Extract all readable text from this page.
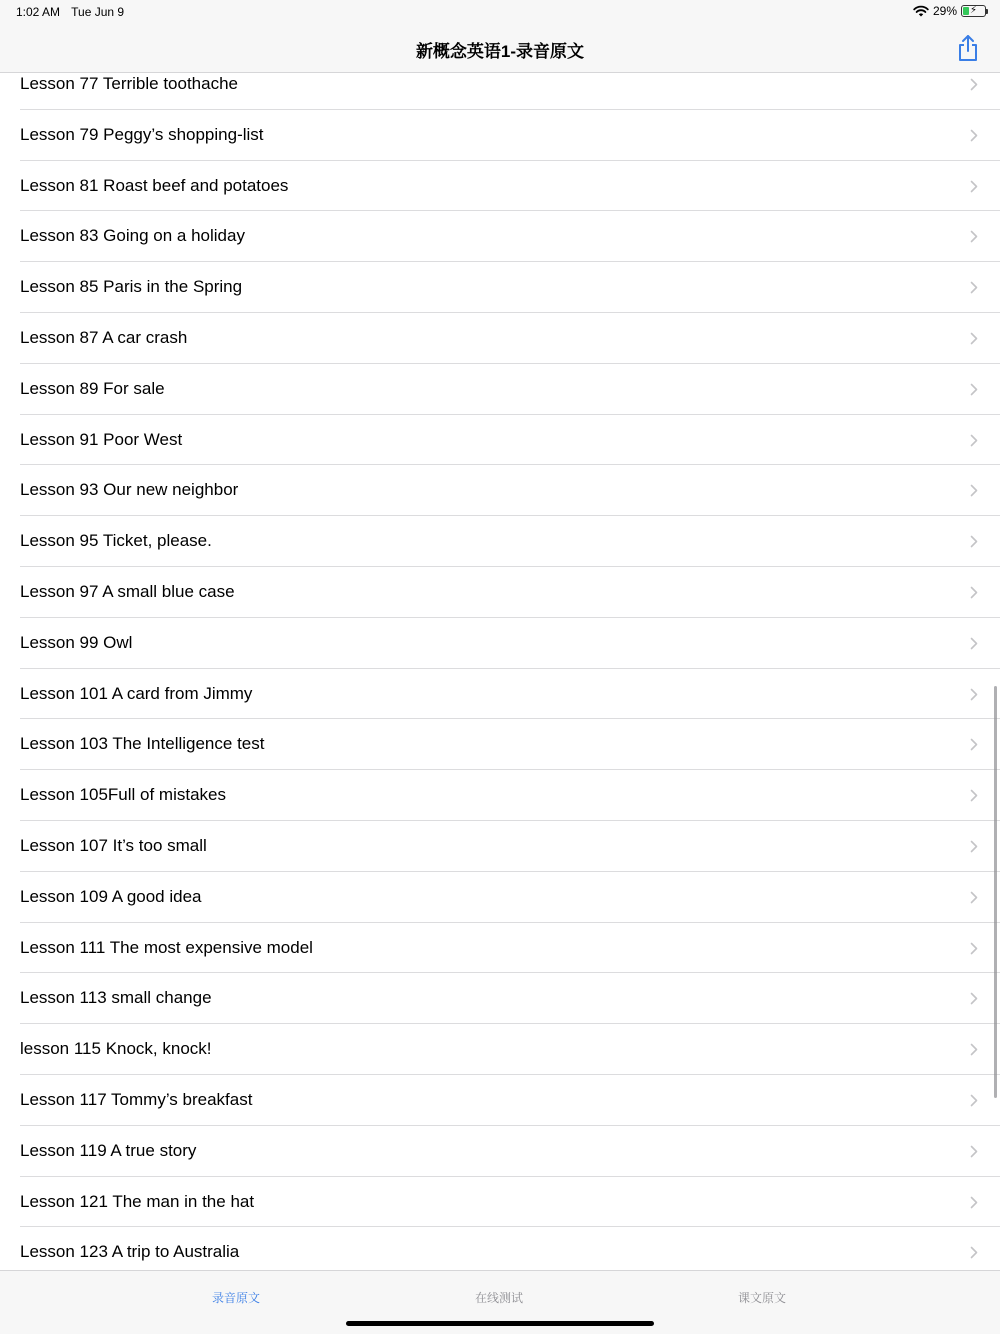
1:02 AM Tue Jun 9	29% ⚡
新概念英语1-录音原文
Lesson 77 Terrible toothache
Lesson 79 Peggy’s shopping-list
Lesson 81 Roast beef and potatoes
Lesson 83 Going on a holiday
Lesson 85 Paris in the Spring
Lesson 87 A car crash
Lesson 89 For sale
Lesson 91 Poor West
Lesson 93 Our new neighbor
Lesson 95 Ticket, please.
Lesson 97 A small blue case
Lesson 99 Owl
Lesson 101 A card from Jimmy
Lesson 103 The Intelligence test
Lesson 105Full of mistakes
Lesson 107 It’s too small
Lesson 109 A good idea
Lesson 111 The most expensive model
Lesson 113 small change
lesson 115 Knock, knock!
Lesson 117 Tommy’s breakfast
Lesson 119 A true story
Lesson 121 The man in the hat
Lesson 123 A trip to Australia
录音原文	在线测试	课文原文
